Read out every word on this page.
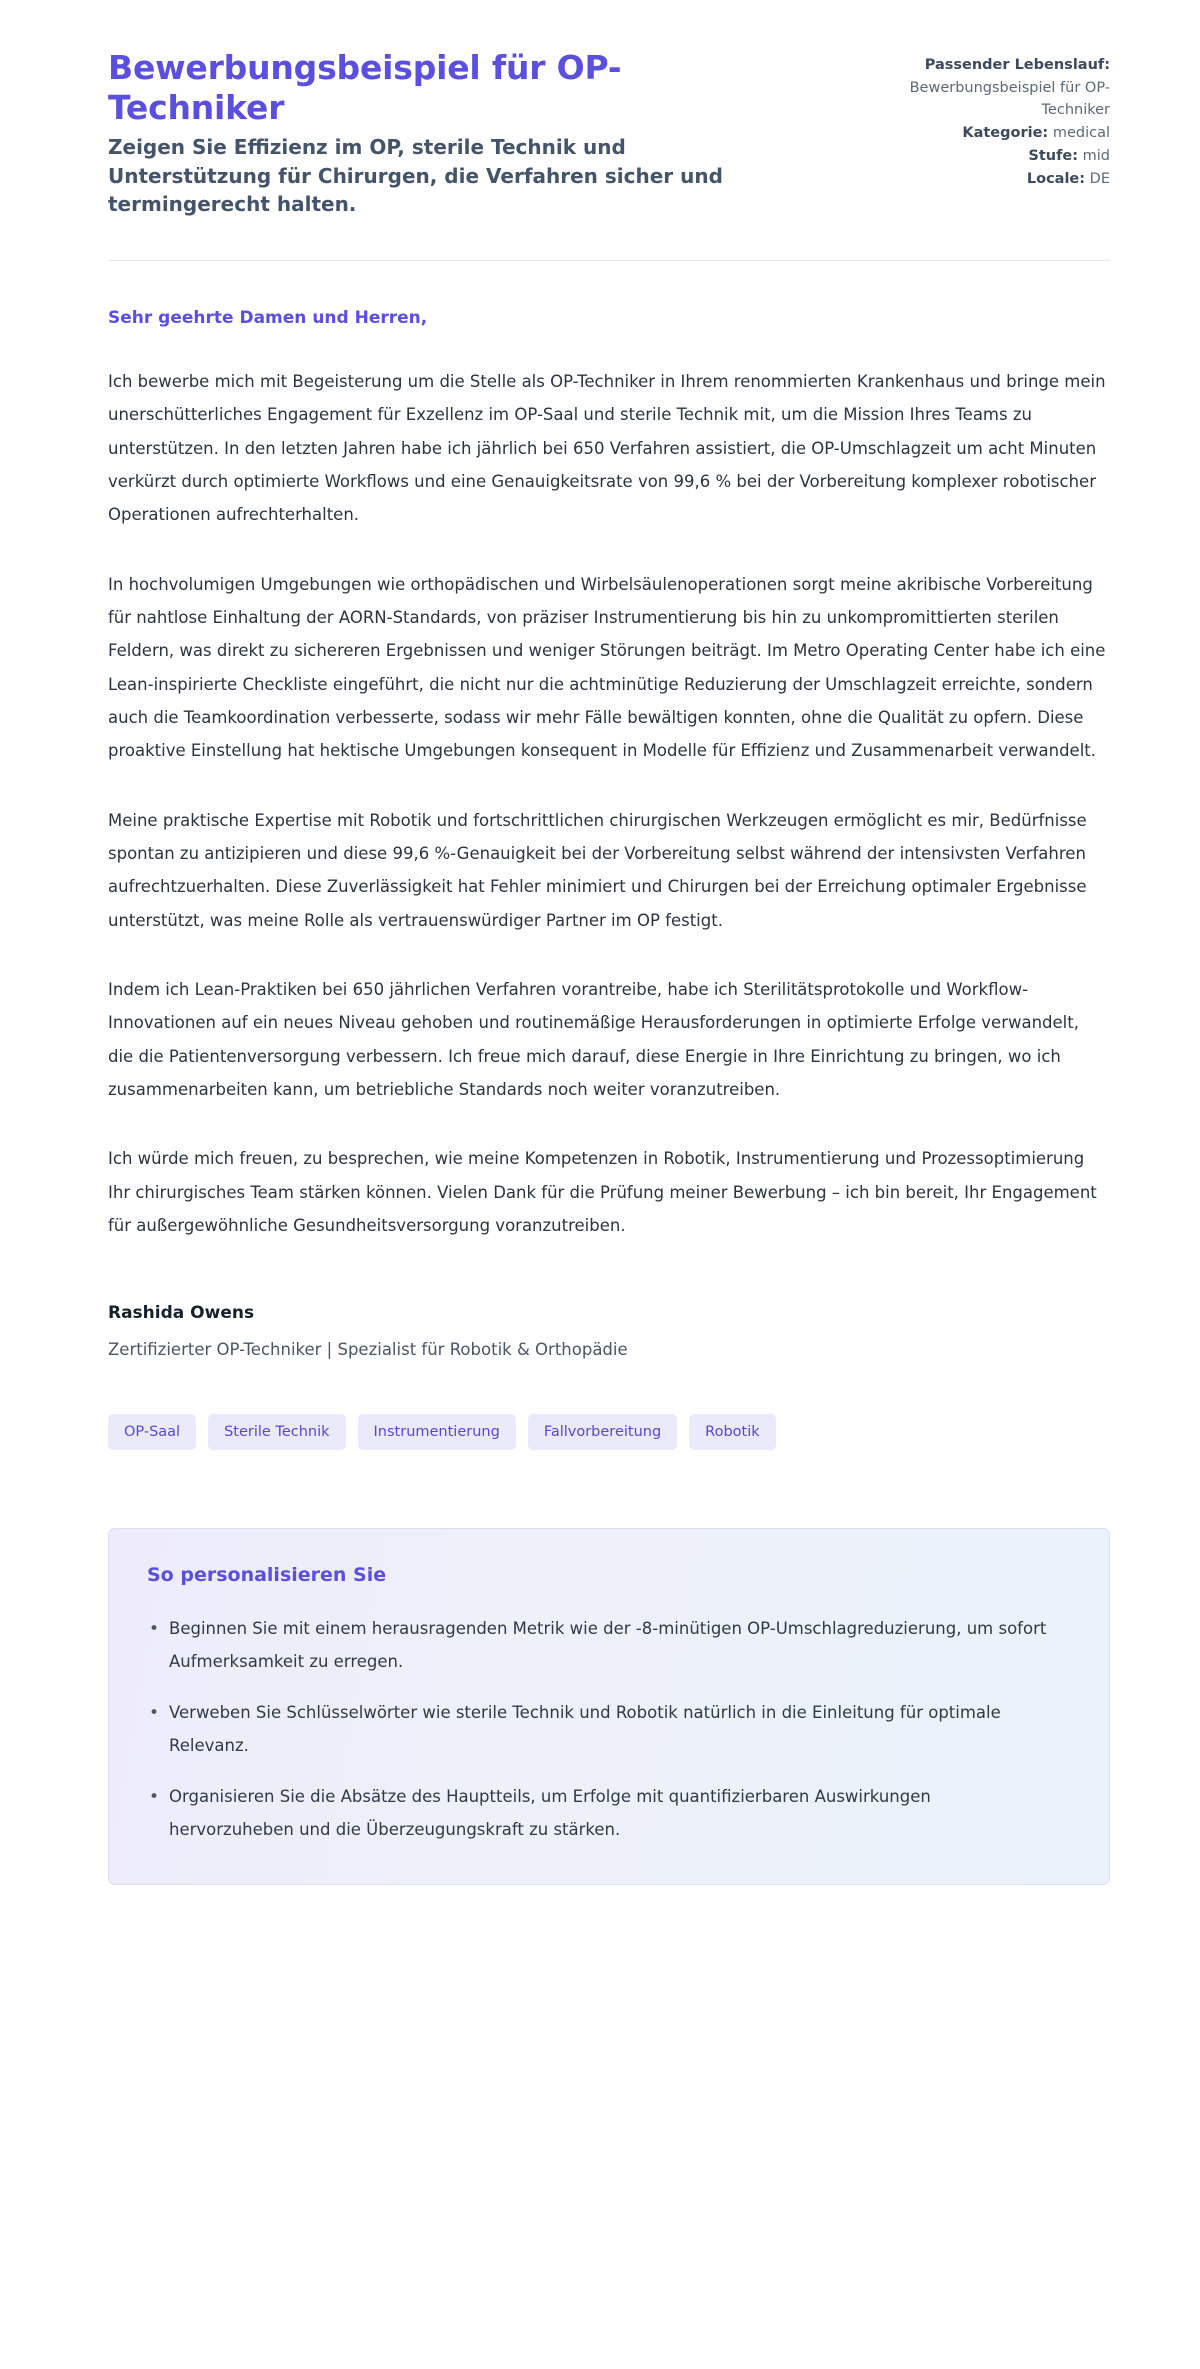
Bewerbungsbeispiel für OP-Techniker

Zeigen Sie Effizienz im OP, sterile Technik und Unterstützung für Chirurgen, die Verfahren sicher und termingerecht halten.

Passender Lebenslauf:
Bewerbungsbeispiel für OP-Techniker
Kategorie: medical
Stufe: mid
Locale: DE

Sehr geehrte Damen und Herren,

Ich bewerbe mich mit Begeisterung um die Stelle als OP-Techniker in Ihrem renommierten Krankenhaus und bringe mein unerschütterliches Engagement für Exzellenz im OP-Saal und sterile Technik mit, um die Mission Ihres Teams zu unterstützen. In den letzten Jahren habe ich jährlich bei 650 Verfahren assistiert, die OP-Umschlagzeit um acht Minuten verkürzt durch optimierte Workflows und eine Genauigkeitsrate von 99,6 % bei der Vorbereitung komplexer robotischer Operationen aufrechterhalten.

In hochvolumigen Umgebungen wie orthopädischen und Wirbelsäulenoperationen sorgt meine akribische Vorbereitung für nahtlose Einhaltung der AORN-Standards, von präziser Instrumentierung bis hin zu unkompromittierten sterilen Feldern, was direkt zu sichereren Ergebnissen und weniger Störungen beiträgt. Im Metro Operating Center habe ich eine Lean-inspirierte Checkliste eingeführt, die nicht nur die achtminütige Reduzierung der Umschlagzeit erreichte, sondern auch die Teamkoordination verbesserte, sodass wir mehr Fälle bewältigen konnten, ohne die Qualität zu opfern. Diese proaktive Einstellung hat hektische Umgebungen konsequent in Modelle für Effizienz und Zusammenarbeit verwandelt.

Meine praktische Expertise mit Robotik und fortschrittlichen chirurgischen Werkzeugen ermöglicht es mir, Bedürfnisse spontan zu antizipieren und diese 99,6 %-Genauigkeit bei der Vorbereitung selbst während der intensivsten Verfahren aufrechtzuerhalten. Diese Zuverlässigkeit hat Fehler minimiert und Chirurgen bei der Erreichung optimaler Ergebnisse unterstützt, was meine Rolle als vertrauenswürdiger Partner im OP festigt.

Indem ich Lean-Praktiken bei 650 jährlichen Verfahren vorantreibe, habe ich Sterilitätsprotokolle und Workflow-Innovationen auf ein neues Niveau gehoben und routinemäßige Herausforderungen in optimierte Erfolge verwandelt, die die Patientenversorgung verbessern. Ich freue mich darauf, diese Energie in Ihre Einrichtung zu bringen, wo ich zusammenarbeiten kann, um betriebliche Standards noch weiter voranzutreiben.

Ich würde mich freuen, zu besprechen, wie meine Kompetenzen in Robotik, Instrumentierung und Prozessoptimierung Ihr chirurgisches Team stärken können. Vielen Dank für die Prüfung meiner Bewerbung – ich bin bereit, Ihr Engagement für außergewöhnliche Gesundheitsversorgung voranzutreiben.

Rashida Owens

Zertifizierter OP-Techniker | Spezialist für Robotik & Orthopädie

OP-Saal	Sterile Technik	Instrumentierung	Fallvorbereitung	Robotik
So personalisieren Sie
• Beginnen Sie mit einem herausragenden Metrik wie der -8-minütigen OP-Umschlagreduzierung, um sofort Aufmerksamkeit zu erregen.
• Verweben Sie Schlüsselwörter wie sterile Technik und Robotik natürlich in die Einleitung für optimale Relevanz.
• Organisieren Sie die Absätze des Hauptteils, um Erfolge mit quantifizierbaren Auswirkungen hervorzuheben und die Überzeugungskraft zu stärken.
